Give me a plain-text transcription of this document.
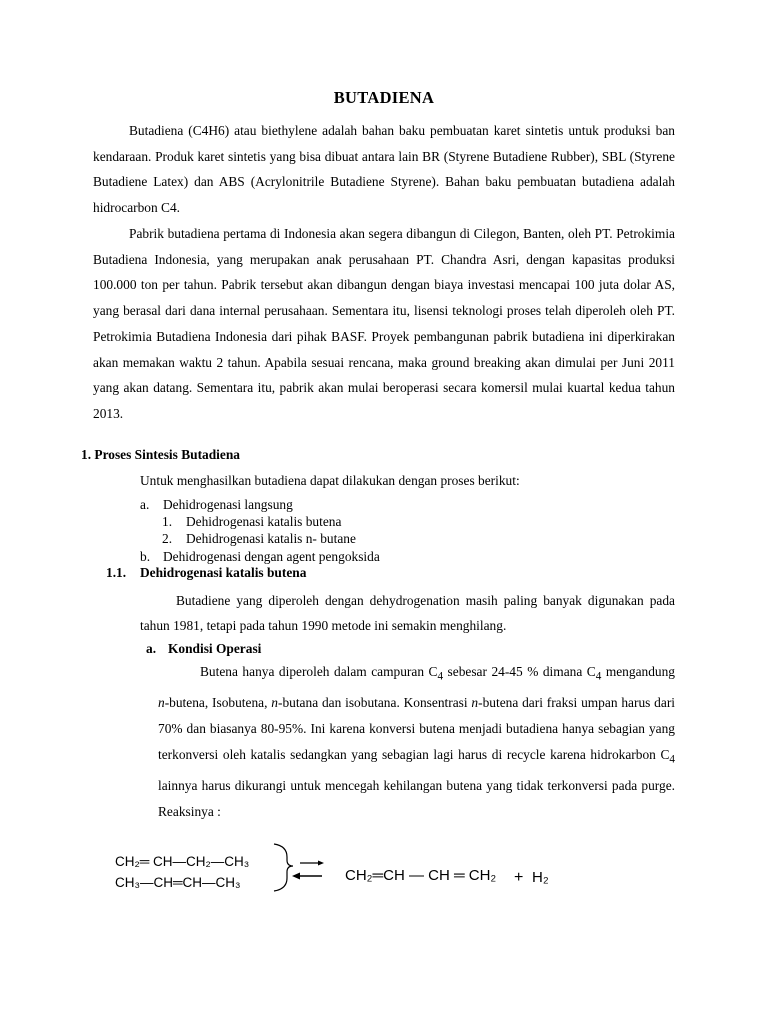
BUTADIENA

Butadiena (C4H6) atau biethylene adalah bahan baku pembuatan karet sintetis untuk produksi ban kendaraan. Produk karet sintetis yang bisa dibuat antara lain BR (Styrene Butadiene Rubber), SBL (Styrene Butadiene Latex) dan ABS (Acrylonitrile Butadiene Styrene). Bahan baku pembuatan butadiena adalah hidrocarbon C4.

Pabrik butadiena pertama di Indonesia akan segera dibangun di Cilegon, Banten, oleh PT. Petrokimia Butadiena Indonesia, yang merupakan anak perusahaan PT. Chandra Asri, dengan kapasitas produksi 100.000 ton per tahun. Pabrik tersebut akan dibangun dengan biaya investasi mencapai 100 juta dolar AS, yang berasal dari dana internal perusahaan. Sementara itu, lisensi teknologi proses telah diperoleh oleh PT. Petrokimia Butadiena Indonesia dari pihak BASF. Proyek pembangunan pabrik butadiena ini diperkirakan akan memakan waktu 2 tahun. Apabila sesuai rencana, maka ground breaking akan dimulai per Juni 2011 yang akan datang. Sementara itu, pabrik akan mulai beroperasi secara komersil mulai kuartal kedua tahun 2013.

1. Proses Sintesis Butadiena
Untuk menghasilkan butadiena dapat dilakukan dengan proses berikut:
a. Dehidrogenasi langsung
1. Dehidrogenasi katalis butena
2. Dehidrogenasi katalis n- butane
b. Dehidrogenasi dengan agent pengoksida
1.1. Dehidrogenasi katalis butena

Butadiene yang diperoleh dengan dehydrogenation masih paling banyak digunakan pada tahun 1981, tetapi pada tahun 1990 metode ini semakin menghilang.

a. Kondisi Operasi

Butena hanya diperoleh dalam campuran $C_4$ sebesar 24-45 % dimana $C_4$ mengandung n-butena, Isobutena, n-butana dan isobutana. Konsentrasi n-butena dari fraksi umpan harus dari 70% dan biasanya 80-95%. Ini karena konversi butena menjadi butadiena hanya sebagian yang terkonversi oleh katalis sedangkan yang sebagian lagi harus di recycle karena hidrokarbon $C_4$ lainnya harus dikurangi untuk mencegah kehilangan butena yang tidak terkonversi pada purge. Reaksinya :

CH₂═ CH—CH₂—CH₃
CH₃—CH═CH—CH₃	CH₂═CH — CH ═ CH₂ + H₂
